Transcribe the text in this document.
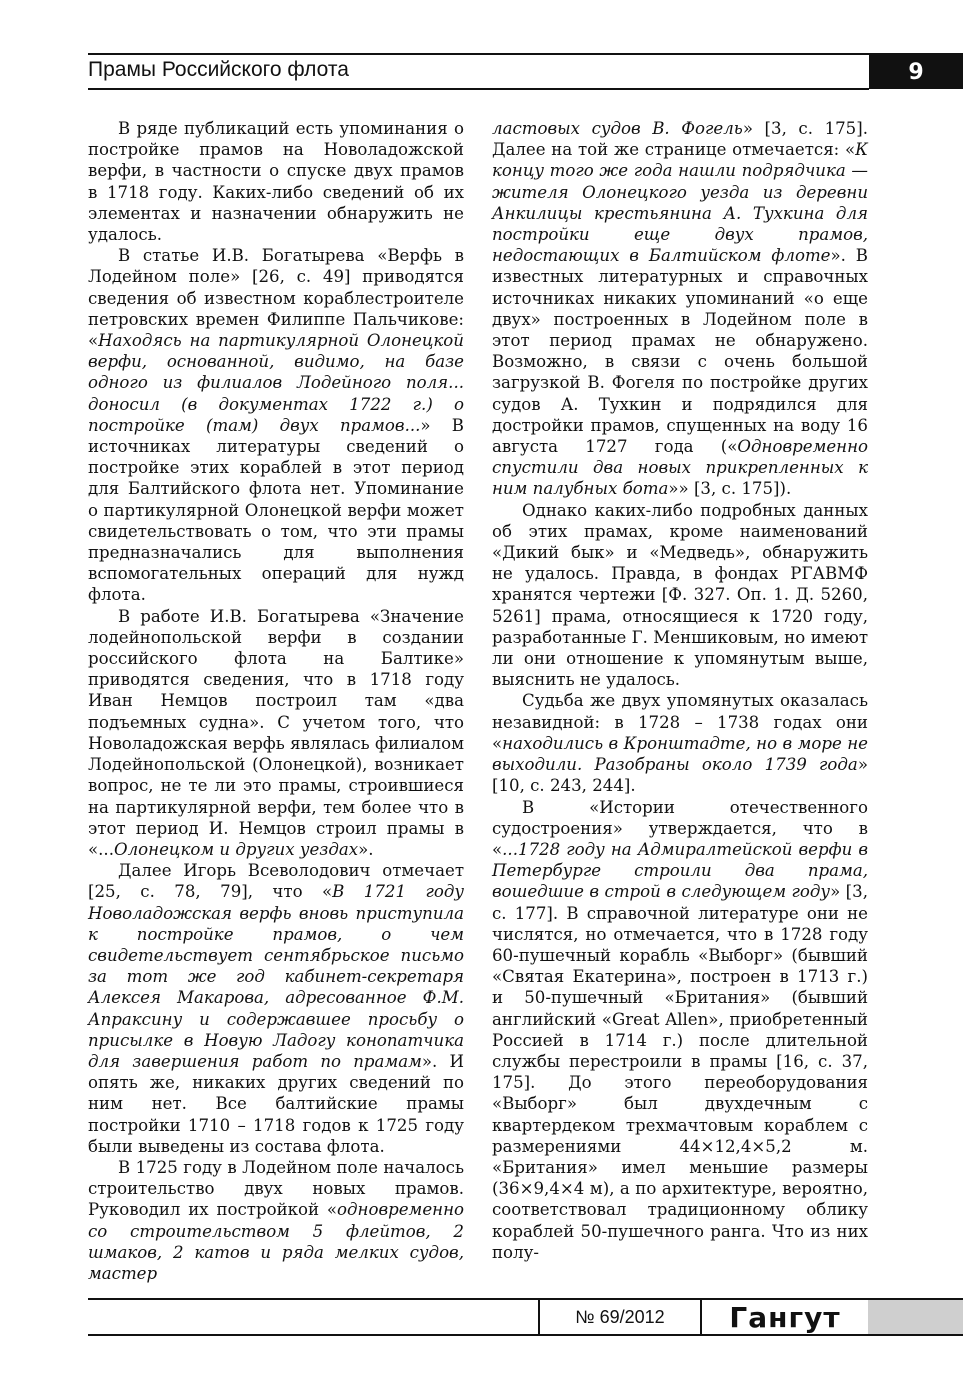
Прамы Российского флота	9

В ряде публикаций есть упоминания о постройке прамов на Новоладожской верфи, в частности о спуске двух прамов в 1718 году. Каких-либо сведений об их элементах и назначении обнаружить не удалось.

В статье И.В. Богатырева «Верфь в Лодейном поле» [26, с. 49] приводятся сведения об известном кораблестроителе петровских времен Филиппе Пальчикове: «Находясь на партикулярной Олонецкой верфи, основанной, видимо, на базе одного из филиалов Лодейного поля... доносил (в документах 1722 г.) о постройке (там) двух прамов...» В источниках литературы сведений о постройке этих кораблей в этот период для Балтийского флота нет. Упоминание о партикулярной Олонецкой верфи может свидетельствовать о том, что эти прамы предназначались для выполнения вспомогательных операций для нужд флота.

В работе И.В. Богатырева «Значение лодейнопольской верфи в создании российского флота на Балтике» приводятся сведения, что в 1718 году Иван Немцов построил там «два подъемных судна». С учетом того, что Новоладожская верфь являлась филиалом Лодейнопольской (Олонецкой), возникает вопрос, не те ли это прамы, строившиеся на партикулярной верфи, тем более что в этот период И. Немцов строил прамы в «...Олонецком и других уездах».

Далее Игорь Всеволодович отмечает [25, с. 78, 79], что «В 1721 году Новоладожская верфь вновь приступила к постройке прамов, о чем свидетельствует сентябрьское письмо за тот же год кабинет-секретаря Алексея Макарова, адресованное Ф.М. Апраксину и содержавшее просьбу о присылке в Новую Ладогу конопатчика для завершения работ по прамам». И опять же, никаких других сведений по ним нет. Все балтийские прамы постройки 1710 – 1718 годов к 1725 году были выведены из состава флота.

В 1725 году в Лодейном поле началось строительство двух новых прамов. Руководил их постройкой «одновременно со строительством 5 флейтов, 2 шмаков, 2 катов и ряда мелких судов, мастер

ластовых судов В. Фогель» [3, с. 175]. Далее на той же странице отмечается: «К концу того же года нашли подрядчика — жителя Олонецкого уезда из деревни Анкилицы крестьянина А. Тухкина для постройки еще двух прамов, недостающих в Балтийском флоте». В известных литературных и справочных источниках никаких упоминаний «о еще двух» построенных в Лодейном поле в этот период прамах не обнаружено. Возможно, в связи с очень большой загрузкой В. Фогеля по постройке других судов А. Тухкин и подрядился для достройки прамов, спущенных на воду 16 августа 1727 года («Одновременно спустили два новых прикрепленных к ним палубных бота»» [3, с. 175]).

Однако каких-либо подробных данных об этих прамах, кроме наименований «Дикий бык» и «Медведь», обнаружить не удалось. Правда, в фондах РГАВМФ хранятся чертежи [Ф. 327. Оп. 1. Д. 5260, 5261] прама, относящиеся к 1720 году, разработанные Г. Меншиковым, но имеют ли они отношение к упомянутым выше, выяснить не удалось.

Судьба же двух упомянутых оказалась незавидной: в 1728 – 1738 годах они «находились в Кронштадте, но в море не выходили. Разобраны около 1739 года» [10, с. 243, 244].

В «Истории отечественного судостроения» утверждается, что в «...1728 году на Адмиралтейской верфи в Петербурге строили два прама, вошедшие в строй в следующем году» [3, с. 177]. В справочной литературе они не числятся, но отмечается, что в 1728 году 60-пушечный корабль «Выборг» (бывший «Святая Екатерина», построен в 1713 г.) и 50-пушечный «Британия» (бывший английский «Great Allen», приобретенный Россией в 1714 г.) после длительной службы перестроили в прамы [16, с. 37, 175]. До этого переоборудования «Выборг» был двухдечным с квартердеком трехмачтовым кораблем с размерениями 44×12,4×5,2 м. «Британия» имел меньшие размеры (36×9,4×4 м), а по архитектуре, вероятно, соответствовал традиционному облику кораблей 50-пушечного ранга. Что из них полу-

№ 69/2012	Гангут
